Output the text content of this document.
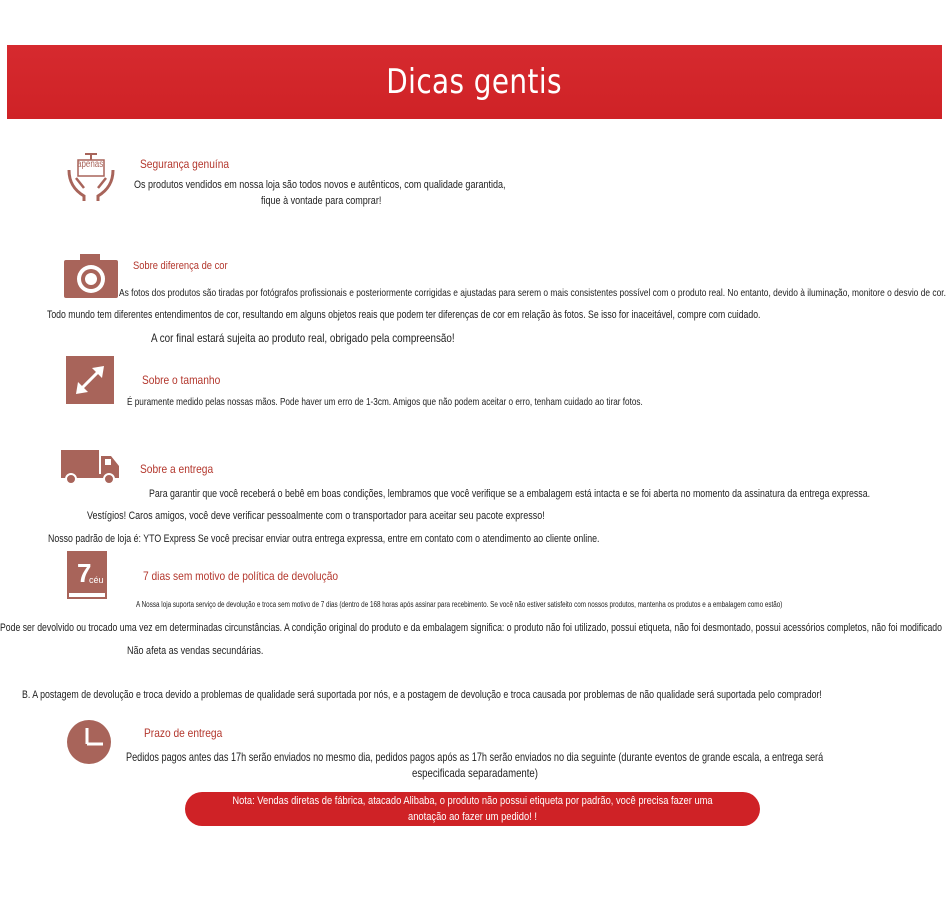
Dicas gentis
apenas	Segurança genuína
Os produtos vendidos em nossa loja são todos novos e autênticos, com qualidade garantida,
fique à vontade para comprar!
Sobre diferença de cor
As fotos dos produtos são tiradas por fotógrafos profissionais e posteriormente corrigidas e ajustadas para serem o mais consistentes possível com o produto real. No entanto, devido à iluminação, monitore o desvio de cor.
Todo mundo tem diferentes entendimentos de cor, resultando em alguns objetos reais que podem ter diferenças de cor em relação às fotos. Se isso for inaceitável, compre com cuidado.
A cor final estará sujeita ao produto real, obrigado pela compreensão!
Sobre o tamanho
É puramente medido pelas nossas mãos. Pode haver um erro de 1-3cm. Amigos que não podem aceitar o erro, tenham cuidado ao tirar fotos.
Sobre a entrega
Para garantir que você receberá o bebê em boas condições, lembramos que você verifique se a embalagem está intacta e se foi aberta no momento da assinatura da entrega expressa.
Vestígios! Caros amigos, você deve verificar pessoalmente com o transportador para aceitar seu pacote expresso!
Nosso padrão de loja é: YTO Express Se você precisar enviar outra entrega expressa, entre em contato com o atendimento ao cliente online.
7
céu	7 dias sem motivo de política de devolução
A Nossa loja suporta serviço de devolução e troca sem motivo de 7 dias (dentro de 168 horas após assinar para recebimento. Se você não estiver satisfeito com nossos produtos, mantenha os produtos e a embalagem como estão)
Pode ser devolvido ou trocado uma vez em determinadas circunstâncias. A condição original do produto e da embalagem significa: o produto não foi utilizado, possui etiqueta, não foi desmontado, possui acessórios completos, não foi modificado
Não afeta as vendas secundárias.
B. A postagem de devolução e troca devido a problemas de qualidade será suportada por nós, e a postagem de devolução e troca causada por problemas de não qualidade será suportada pelo comprador!
Prazo de entrega
Pedidos pagos antes das 17h serão enviados no mesmo dia, pedidos pagos após as 17h serão enviados no dia seguinte (durante eventos de grande escala, a entrega será
especificada separadamente)
Nota: Vendas diretas de fábrica, atacado Alibaba, o produto não possui etiqueta por padrão, você precisa fazer uma anotação ao fazer um pedido! !
